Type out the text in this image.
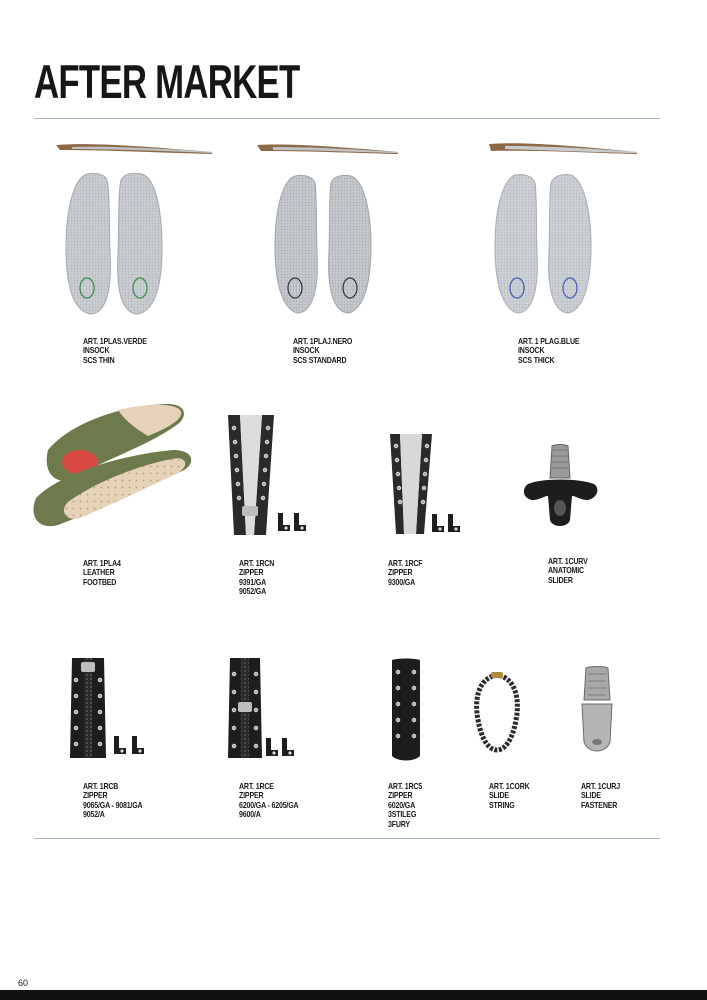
AFTER MARKET
ART. 1PLAS.VERDE
INSOCK
SCS THIN
ART. 1PLAJ.NERO
INSOCK
SCS STANDARD
ART. 1 PLAG.BLUE
INSOCK
SCS THICK
ART. 1PLA4
LEATHER
FOOTBED
ART. 1RCN
ZIPPER
9391/GA
9052/GA
ART. 1RCF
ZIPPER
9300/GA
ART. 1CURV
ANATOMIC
SLIDER
ART. 1RCB
ZIPPER
9065/GA - 9081/GA
9052/A
ART. 1RCE
ZIPPER
6200/GA - 6205/GA
9600/A
ART. 1RC5
ZIPPER
6020/GA
3STILEG
3FURY
ART. 1CORK
SLIDE
STRING
ART. 1CURJ
SLIDE
FASTENER
60
